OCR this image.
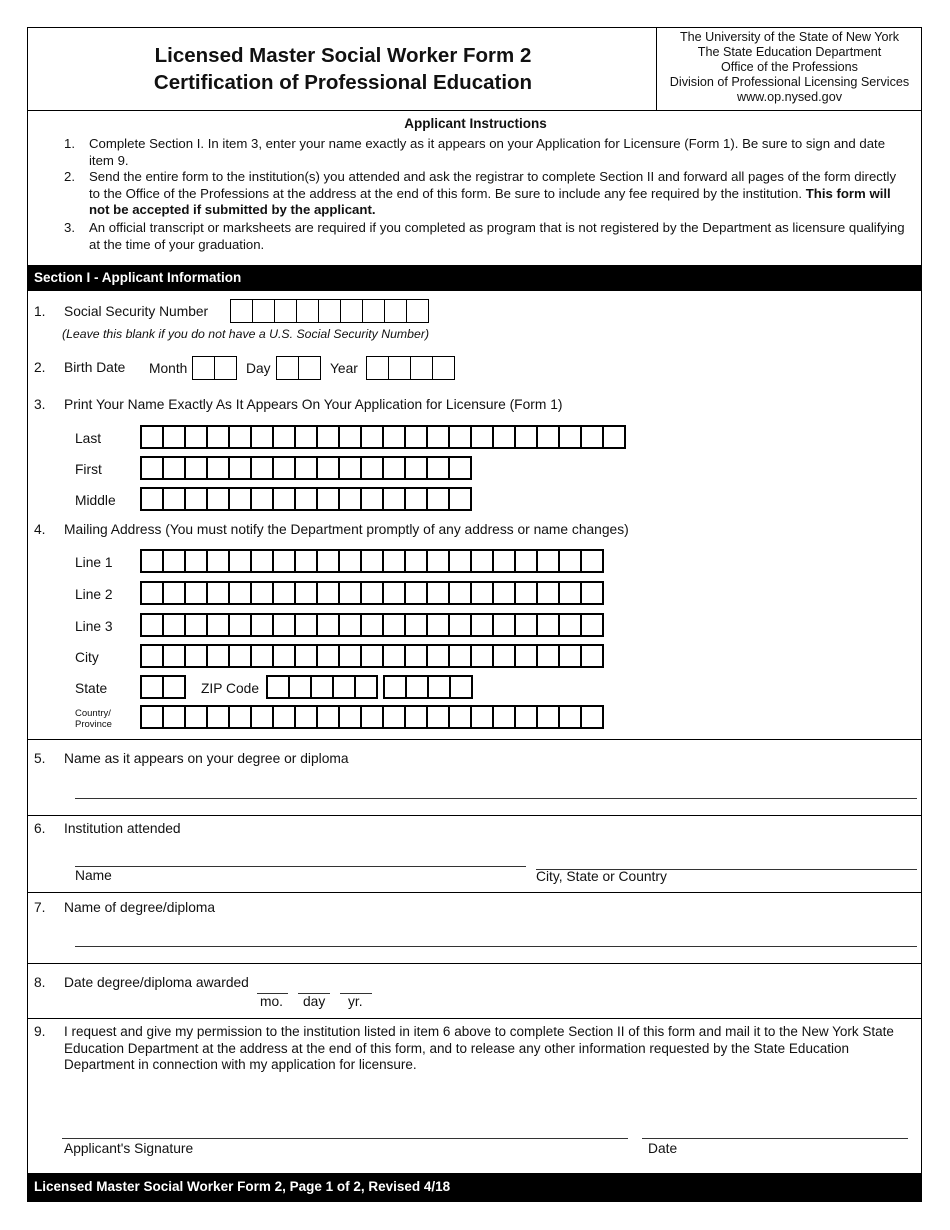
Licensed Master Social Worker Form 2
Certification of Professional Education
The University of the State of New York
The State Education Department
Office of the Professions
Division of Professional Licensing Services
www.op.nysed.gov
Applicant Instructions
1. Complete Section I. In item 3, enter your name exactly as it appears on your Application for Licensure (Form 1). Be sure to sign and date item 9.
2. Send the entire form to the institution(s) you attended and ask the registrar to complete Section II and forward all pages of the form directly to the Office of the Professions at the address at the end of this form. Be sure to include any fee required by the institution. This form will not be accepted if submitted by the applicant.
3. An official transcript or marksheets are required if you completed as program that is not registered by the Department as licensure qualifying at the time of your graduation.
Section I - Applicant Information
1. Social Security Number
(Leave this blank if you do not have a U.S. Social Security Number)
2. Birth Date Month	Day	Year
3. Print Your Name Exactly As It Appears On Your Application for Licensure (Form 1)
Last
First
Middle
4. Mailing Address (You must notify the Department promptly of any address or name changes)
Line 1
Line 2
Line 3
City
State	ZIP Code
Country/
Province
5. Name as it appears on your degree or diploma
6. Institution attended
Name	City, State or Country
7. Name of degree/diploma
8. Date degree/diploma awarded
mo. day yr.
9. I request and give my permission to the institution listed in item 6 above to complete Section II of this form and mail it to the New York State Education Department at the address at the end of this form, and to release any other information requested by the State Education Department in connection with my application for licensure.
Applicant's Signature	Date
Licensed Master Social Worker Form 2, Page 1 of 2, Revised 4/18
